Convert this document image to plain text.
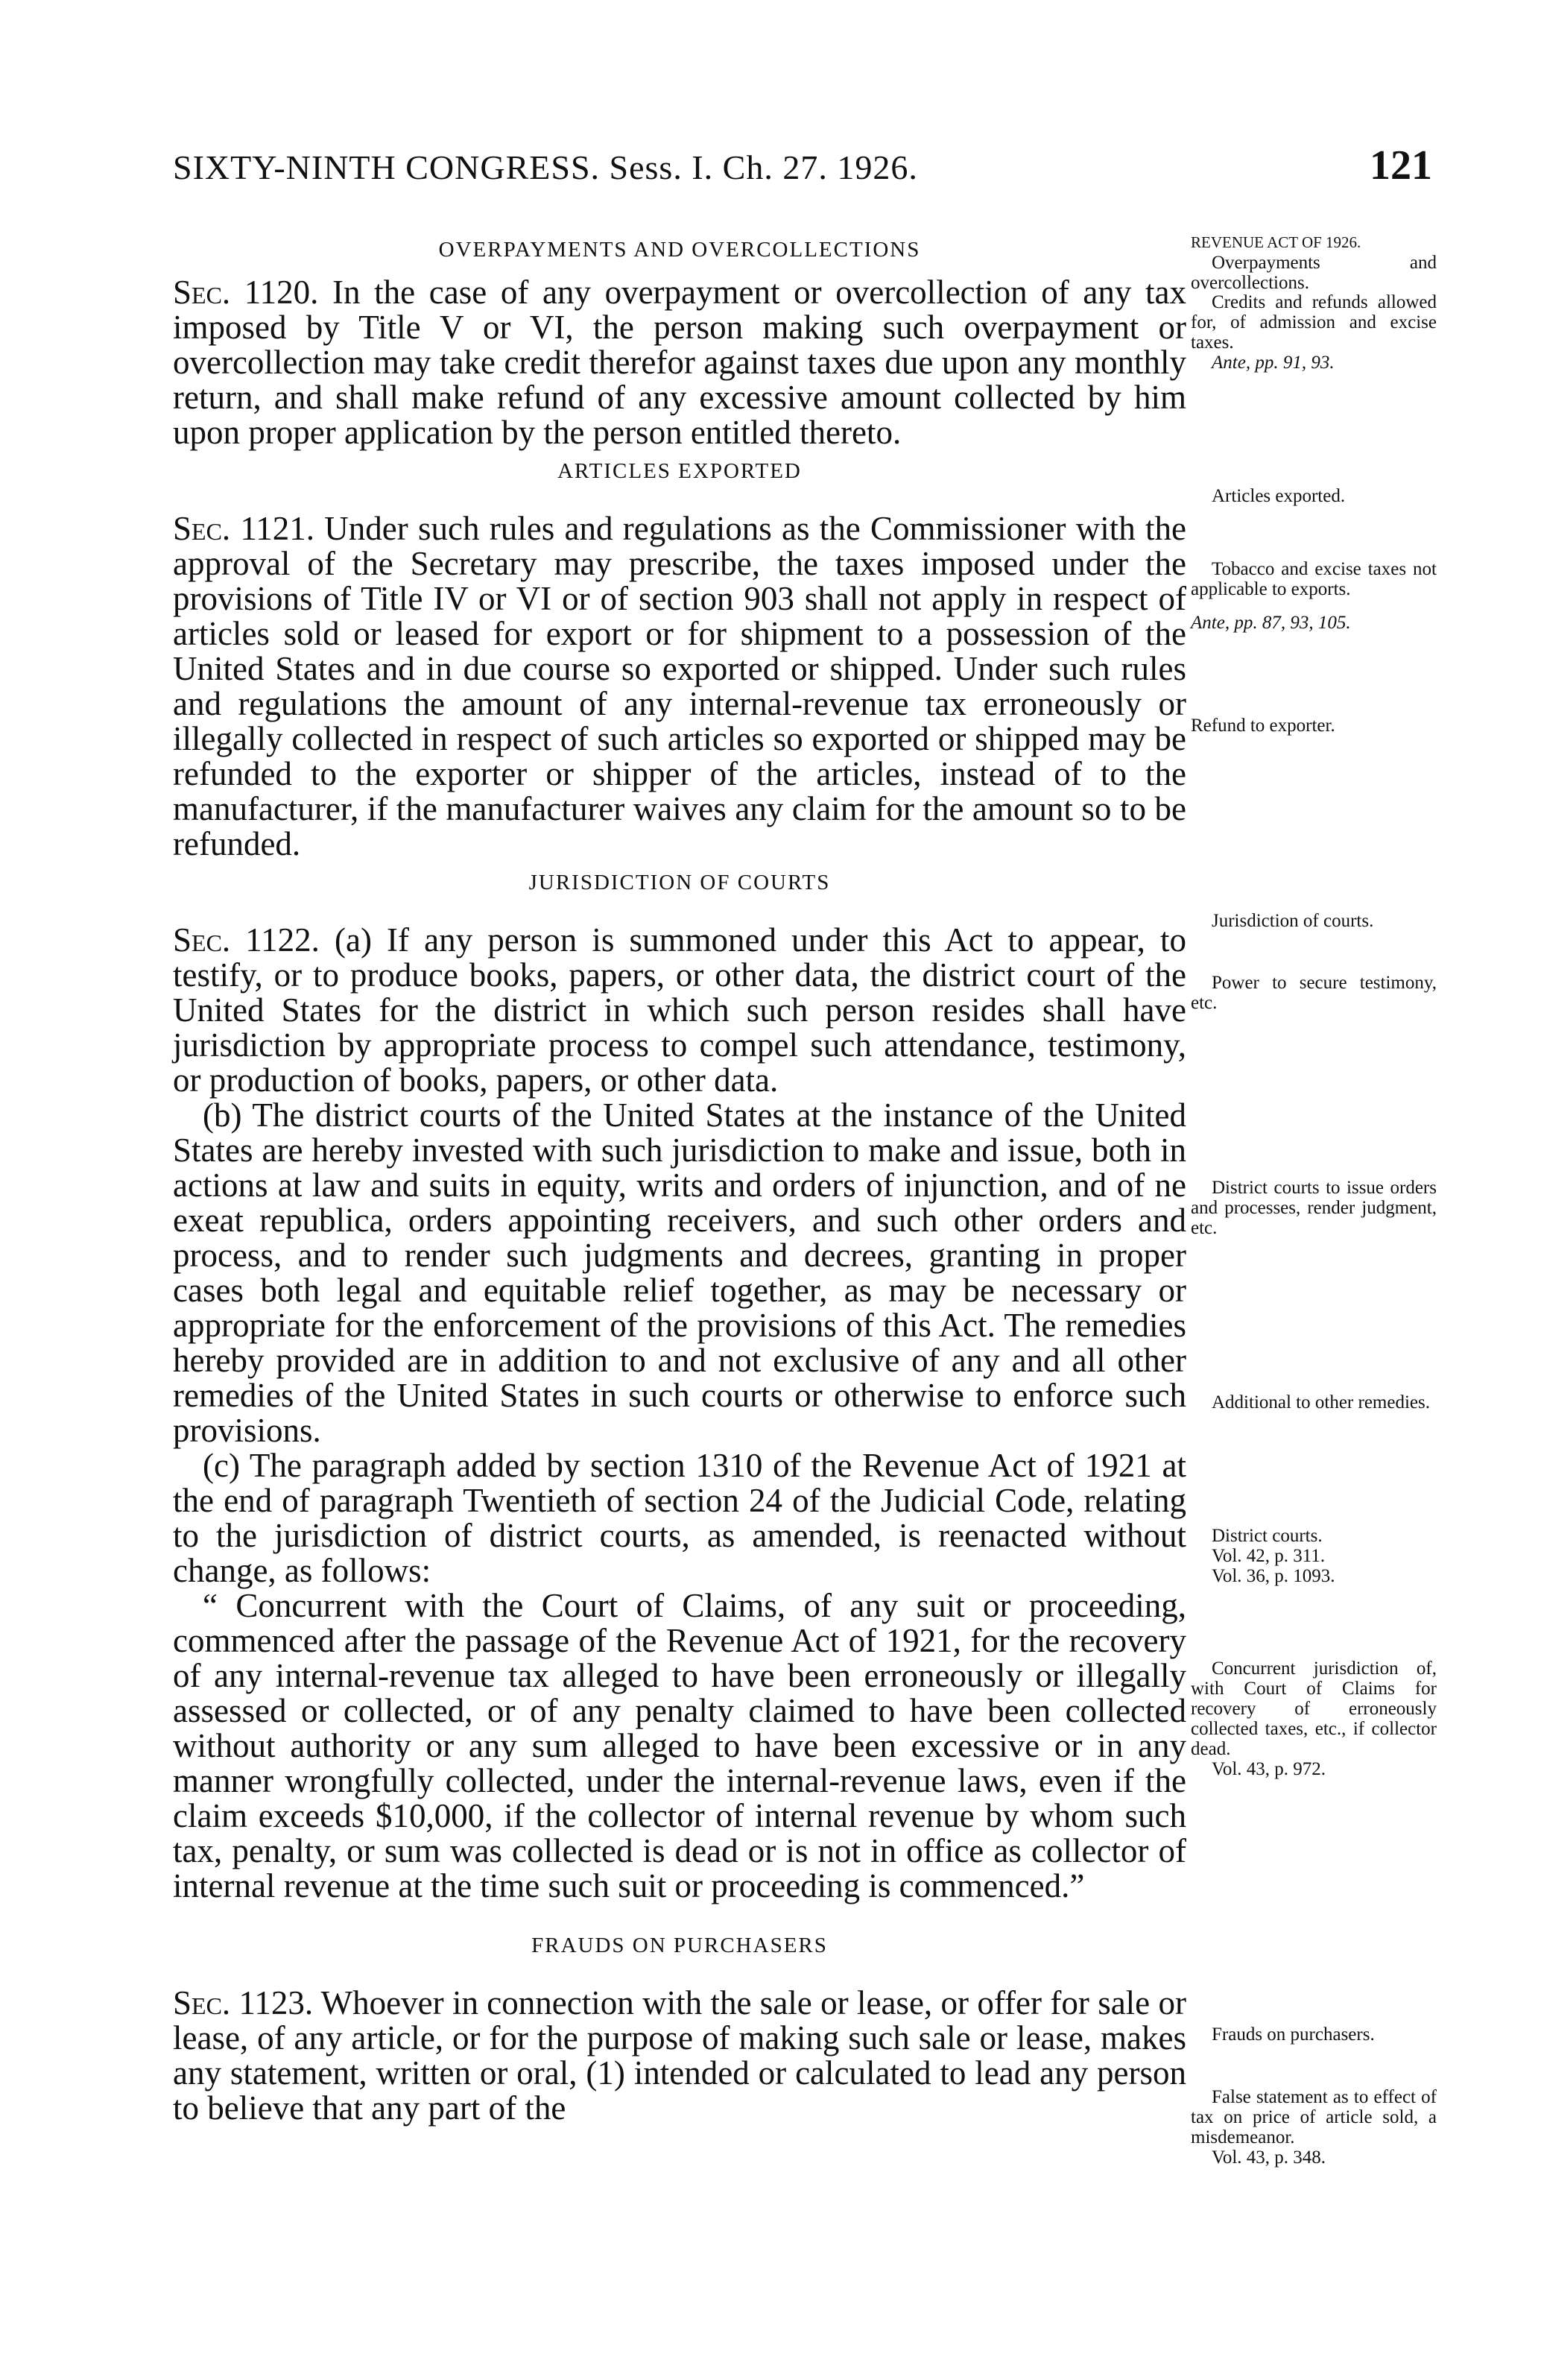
SIXTY-NINTH CONGRESS. Sess. I. Ch. 27. 1926.	121

OVERPAYMENTS AND OVERCOLLECTIONS

Sec. 1120. In the case of any overpayment or overcollection of any tax imposed by Title V or VI, the person making such overpayment or overcollection may take credit therefor against taxes due upon any monthly return, and shall make refund of any excessive amount collected by him upon proper application by the person entitled thereto.

ARTICLES EXPORTED

Sec. 1121. Under such rules and regulations as the Commissioner with the approval of the Secretary may prescribe, the taxes imposed under the provisions of Title IV or VI or of section 903 shall not apply in respect of articles sold or leased for export or for shipment to a possession of the United States and in due course so exported or shipped. Under such rules and regulations the amount of any internal-revenue tax erroneously or illegally collected in respect of such articles so exported or shipped may be refunded to the exporter or shipper of the articles, instead of to the manufacturer, if the manufacturer waives any claim for the amount so to be refunded.

JURISDICTION OF COURTS

Sec. 1122. (a) If any person is summoned under this Act to appear, to testify, or to produce books, papers, or other data, the district court of the United States for the district in which such person resides shall have jurisdiction by appropriate process to compel such attendance, testimony, or production of books, papers, or other data.

(b) The district courts of the United States at the instance of the United States are hereby invested with such jurisdiction to make and issue, both in actions at law and suits in equity, writs and orders of injunction, and of ne exeat republica, orders appointing receivers, and such other orders and process, and to render such judgments and decrees, granting in proper cases both legal and equitable relief together, as may be necessary or appropriate for the enforcement of the provisions of this Act. The remedies hereby provided are in addition to and not exclusive of any and all other remedies of the United States in such courts or otherwise to enforce such provisions.

(c) The paragraph added by section 1310 of the Revenue Act of 1921 at the end of paragraph Twentieth of section 24 of the Judicial Code, relating to the jurisdiction of district courts, as amended, is reenacted without change, as follows:

“ Concurrent with the Court of Claims, of any suit or proceeding, commenced after the passage of the Revenue Act of 1921, for the recovery of any internal-revenue tax alleged to have been erroneously or illegally assessed or collected, or of any penalty claimed to have been collected without authority or any sum alleged to have been excessive or in any manner wrongfully collected, under the internal-revenue laws, even if the claim exceeds $10,000, if the collector of internal revenue by whom such tax, penalty, or sum was collected is dead or is not in office as collector of internal revenue at the time such suit or proceeding is commenced.”

FRAUDS ON PURCHASERS

Sec. 1123. Whoever in connection with the sale or lease, or offer for sale or lease, of any article, or for the purpose of making such sale or lease, makes any statement, written or oral, (1) intended or calculated to lead any person to believe that any part of the

REVENUE ACT OF 1926.
Overpayments and overcollections.
Credits and refunds allowed for, of admission and excise taxes.
Ante, pp. 91, 93.
Articles exported.
Tobacco and excise taxes not applicable to exports.
Ante, pp. 87, 93, 105.
Refund to exporter.
Jurisdiction of courts.
Power to secure testimony, etc.
District courts to issue orders and processes, render judgment, etc.
Additional to other remedies.
District courts.
Vol. 42, p. 311.
Vol. 36, p. 1093.
Concurrent jurisdiction of, with Court of Claims for recovery of erroneously collected taxes, etc., if collector dead.
Vol. 43, p. 972.
Frauds on purchasers.
False statement as to effect of tax on price of article sold, a misdemeanor.
Vol. 43, p. 348.
